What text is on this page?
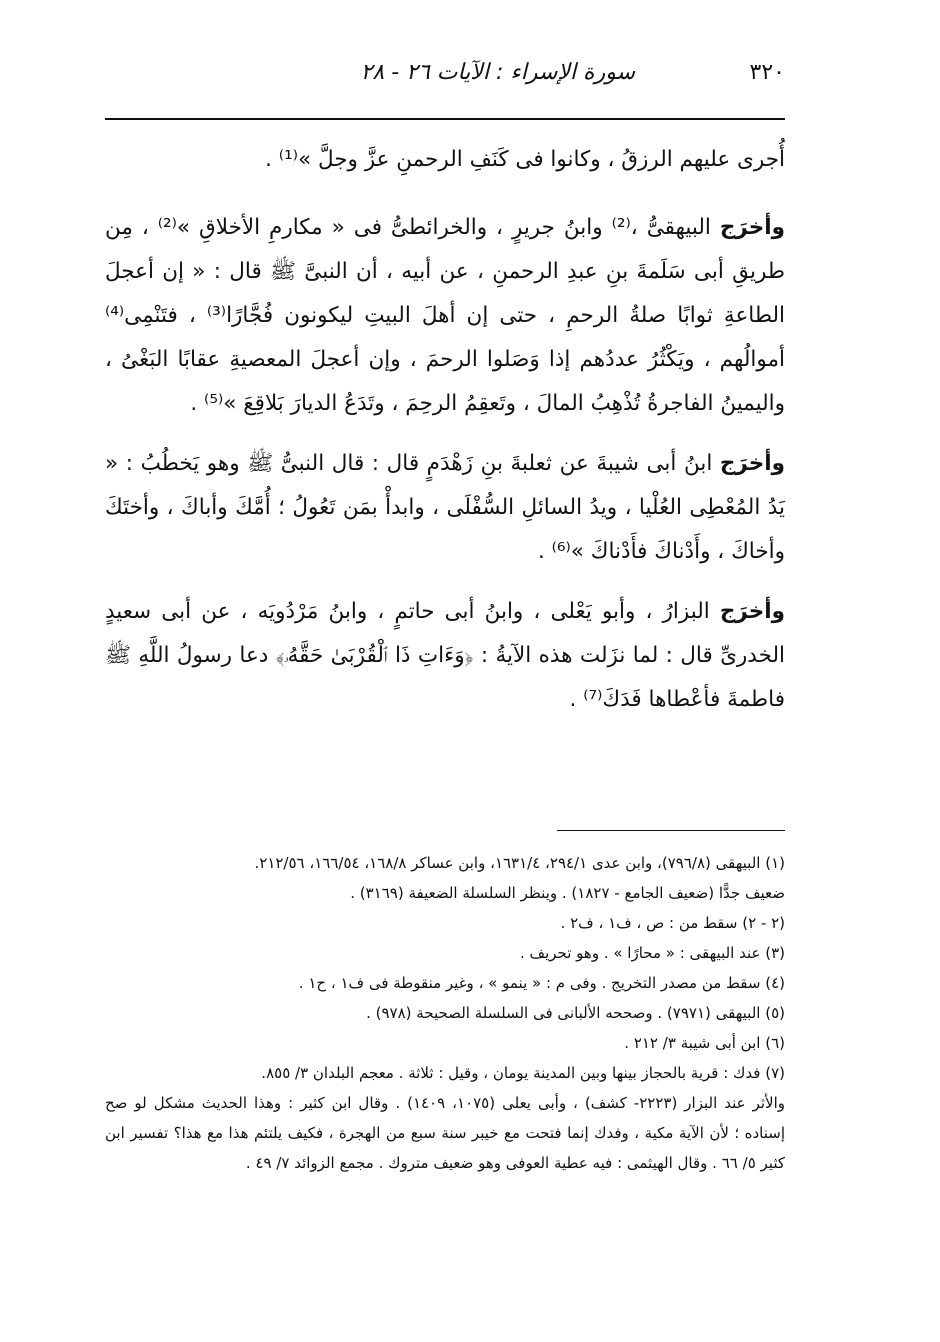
٣٢٠
سورة الإسراء : الآيات ٢٦ - ٢٨

أُجرى عليهم الرزقُ ، وكانوا فى كَنَفِ الرحمنِ عزَّ وجلَّ »⁽¹⁾ .

وأخرَج البيهقىُّ ،⁽²⁾ وابنُ جريرٍ ، والخرائطىُّ فى « مكارمِ الأخلاقِ »⁽²⁾ ، مِن طريقِ أبى سَلَمةَ بنِ عبدِ الرحمنِ ، عن أبيه ، أن النبىَّ ﷺ قال : « إن أعجلَ الطاعةِ ثوابًا صلةُ الرحمِ ، حتى إن أهلَ البيتِ ليكونون فُجَّارًا⁽³⁾ ، فتَنْمِى⁽⁴⁾ أموالُهم ، ويَكْثُرُ عددُهم إذا وَصَلوا الرحمَ ، وإن أعجلَ المعصيةِ عقابًا البَغْىُ ، واليمينُ الفاجرةُ تُذْهِبُ المالَ ، وتَعقِمُ الرحِمَ ، وتَدَعُ الديارَ بَلاقِعَ »⁽⁵⁾ .

وأخرَج ابنُ أبى شيبةَ عن ثعلبةَ بنِ زَهْدَمٍ قال : قال النبىُّ ﷺ وهو يَخطُبُ : « يَدُ المُعْطِى العُلْيا ، ويدُ السائلِ السُّفْلَى ، وابدأْ بمَن تَعُولُ ؛ أُمَّكَ وأباكَ ، وأختَكَ وأخاكَ ، وأَدْناكَ فأَدْناكَ »⁽⁶⁾ .

وأخرَج البزارُ ، وأبو يَعْلى ، وابنُ أبى حاتمٍ ، وابنُ مَرْدُويَه ، عن أبى سعيدٍ الخدرىِّ قال : لما نزَلت هذه الآيةُ : ﴿وَءَاتِ ذَا ٱلْقُرْبَىٰ حَقَّهُۥ﴾ دعا رسولُ اللَّهِ ﷺ فاطمةَ فأعْطاها فَدَكَ⁽⁷⁾ .

(١) البيهقى (٧٩٦/٨)، وابن عدى ٢٩٤/١، ١٦٣١/٤، وابن عساكر ١٦٨/٨، ١٦٦/٥٤، ٢١٢/٥٦.

ضعيف جدًّا (ضعيف الجامع - ١٨٢٧) . وينظر السلسلة الضعيفة (٣١٦٩) .

(٢ - ٢) سقط من : ص ، ف١ ، ف٢ .

(٣) عند البيهقى : « محارًا » . وهو تحريف .

(٤) سقط من مصدر التخريج . وفى م : « ينمو » ، وغير منقوطة فى ف١ ، ح١ .

(٥) البيهقى (٧٩٧١) . وصححه الألبانى فى السلسلة الصحيحة (٩٧٨) .

(٦) ابن أبى شيبة ٣/ ٢١٢ .

(٧) فدك : قرية بالحجاز بينها وبين المدينة يومان ، وقيل : ثلاثة . معجم البلدان ٣/ ٨٥٥.

والأثر عند البزار (٢٢٢٣- كشف) ، وأبى يعلى (١٠٧٥، ١٤٠٩) . وقال ابن كثير : وهذا الحديث مشكل لو صح إسناده ؛ لأن الآية مكية ، وفدك إنما فتحت مع خيبر سنة سبع من الهجرة ، فكيف يلتئم هذا مع هذا؟ تفسير ابن كثير ٥/ ٦٦ . وقال الهيثمى : فيه عطية العوفى وهو ضعيف متروك . مجمع الزوائد ٧/ ٤٩ .
